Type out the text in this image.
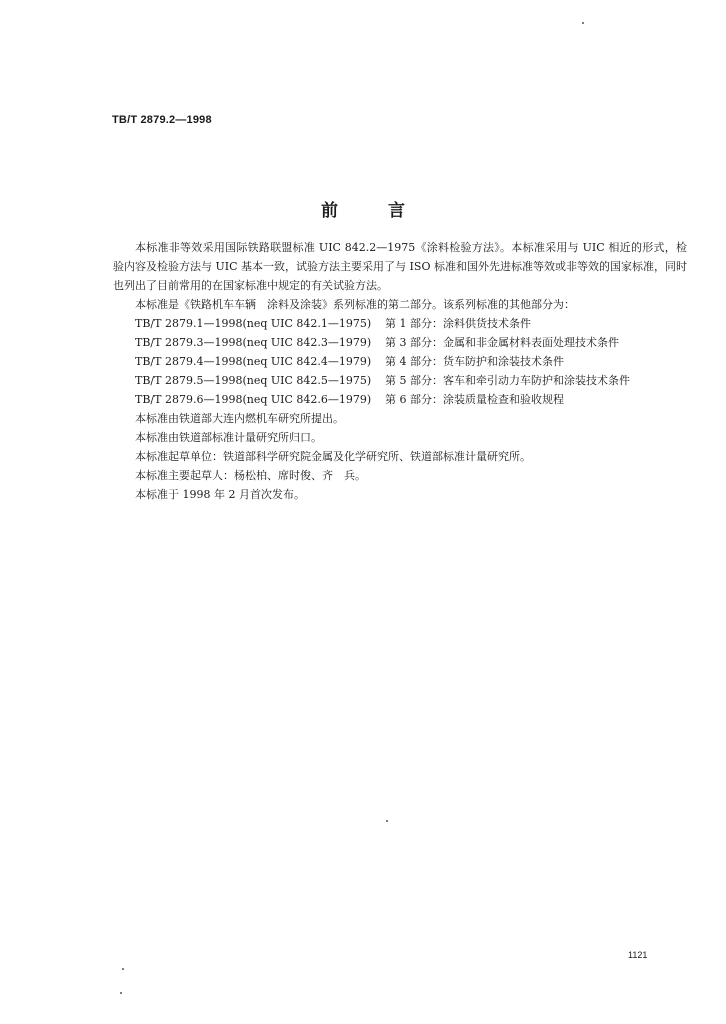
TB/T 2879.2—1998
前	言

本标准非等效采用国际铁路联盟标准 UIC 842.2—1975《涂料检验方法》。本标准采用与 UIC 相近的形式，检验内容及检验方法与 UIC 基本一致，试验方法主要采用了与 ISO 标准和国外先进标准等效或非等效的国家标准，同时也列出了目前常用的在国家标准中规定的有关试验方法。

本标准是《铁路机车车辆　涂料及涂装》系列标准的第二部分。该系列标准的其他部分为：

TB/T 2879.1—1998(neq UIC 842.1—1975) 第 1 部分：涂料供货技术条件

TB/T 2879.3—1998(neq UIC 842.3—1979) 第 3 部分：金属和非金属材料表面处理技术条件

TB/T 2879.4—1998(neq UIC 842.4—1979) 第 4 部分：货车防护和涂装技术条件

TB/T 2879.5—1998(neq UIC 842.5—1975) 第 5 部分：客车和牵引动力车防护和涂装技术条件

TB/T 2879.6—1998(neq UIC 842.6—1979) 第 6 部分：涂装质量检查和验收规程

本标准由铁道部大连内燃机车研究所提出。

本标准由铁道部标准计量研究所归口。

本标准起草单位：铁道部科学研究院金属及化学研究所、铁道部标准计量研究所。

本标准主要起草人：杨松柏、席时俊、齐　兵。

本标准于 1998 年 2 月首次发布。

1121
